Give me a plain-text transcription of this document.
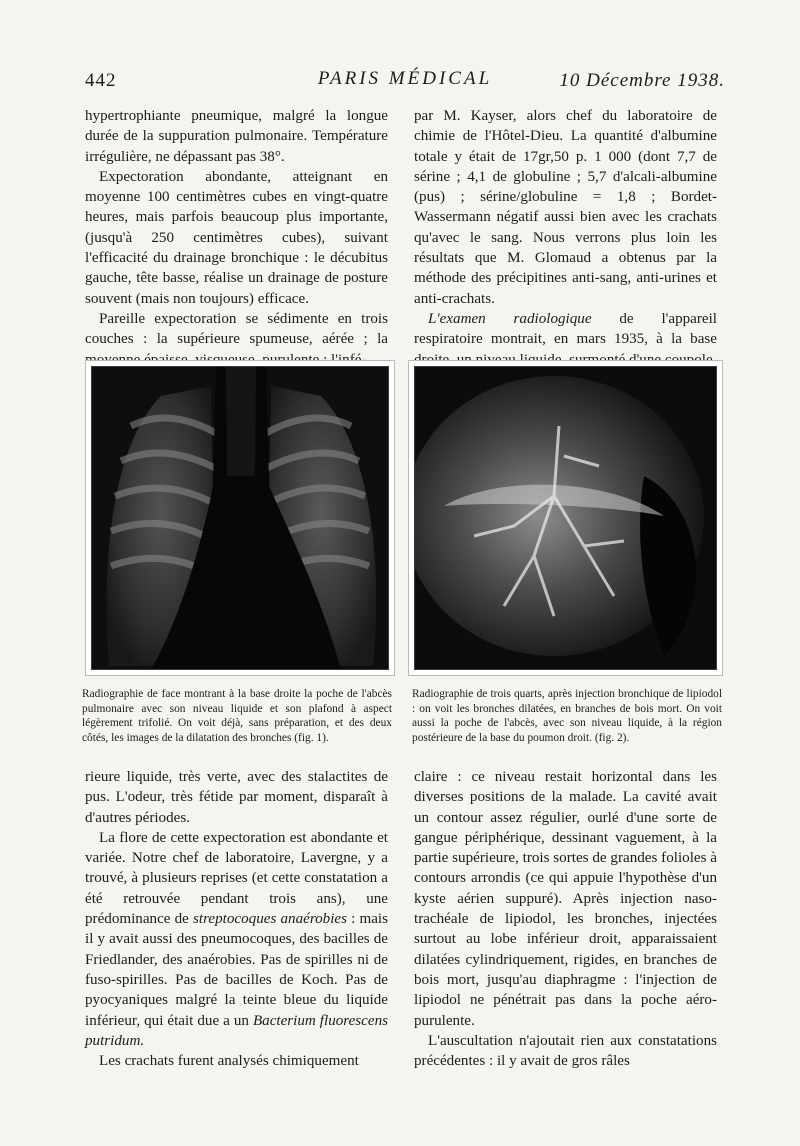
442	PARIS MÉDICAL	10 Décembre 1938.

hypertrophiante pneumique, malgré la longue durée de la suppuration pulmonaire. Température irrégulière, ne dépassant pas 38°.

Expectoration abondante, atteignant en moyenne 100 centimètres cubes en vingt-quatre heures, mais parfois beaucoup plus importante, (jusqu'à 250 centimètres cubes), suivant l'efficacité du drainage bronchique : le décubitus gauche, tête basse, réalise un drainage de posture souvent (mais non toujours) efficace.

Pareille expectoration se sédimente en trois couches : la supérieure spumeuse, aérée ; la

par M. Kayser, alors chef du laboratoire de chimie de l'Hôtel-Dieu. La quantité d'albumine totale y était de 17gr,50 p. 1 000 (dont 7,7 de sérine ; 4,1 de globuline ; 5,7 d'alcali-albumine (pus) ; sérine/globuline = 1,8 ; Bordet-Wassermann négatif aussi bien avec les crachats qu'avec le sang. Nous verrons plus loin les résultats que M. Glomaud a obtenus par la méthode des précipitines anti-sang, anti-urines et anti-crachats.

L'examen radiologique de l'appareil respiratoire montrait, en mars 1935, à la base

Radiographie de face montrant à la base droite la poche de l'abcès pulmonaire avec son niveau liquide et son plafond à aspect légèrement trifolié. On voit déjà, sans préparation, et des deux côtés, les images de la dilatation des bronches (fig. 1).
Radiographie de trois quarts, après injection bronchique de lipiodol : on voit les bronches dilatées, en branches de bois mort. On voit aussi la poche de l'abcès, avec son niveau liquide, à la région postérieure de la base du poumon droit. (fig. 2).

rieure liquide, très verte, avec des stalactites de pus. L'odeur, très fétide par moment, disparaît à d'autres périodes.

La flore de cette expectoration est abondante et variée. Notre chef de laboratoire, Lavergne, y a trouvé, à plusieurs reprises (et cette constatation a été retrouvée pendant trois ans), une prédominance de streptocoques anaérobies : mais il y avait aussi des pneumocoques, des bacilles de Friedlander, des anaérobies. Pas de spirilles ni de fuso-spirilles. Pas de bacilles de Koch. Pas de pyocyaniques malgré la teinte bleue du liquide inférieur, qui était due a un Bacterium fluorescens putridum.

Les crachats furent analysés chimiquement

claire : ce niveau restait horizontal dans les diverses positions de la malade. La cavité avait un contour assez régulier, ourlé d'une sorte de gangue périphérique, dessinant vaguement, à la partie supérieure, trois sortes de grandes folioles à contours arrondis (ce qui appuie l'hypothèse d'un kyste aérien suppuré). Après injection naso-trachéale de lipiodol, les bronches, injectées surtout au lobe inférieur droit, apparaissaient dilatées cylindriquement, rigides, en branches de bois mort, jusqu'au diaphragme : l'injection de lipiodol ne pénétrait pas dans la poche aéro-purulente.

L'auscultation n'ajoutait rien aux constatations précédentes : il y avait de gros râles
